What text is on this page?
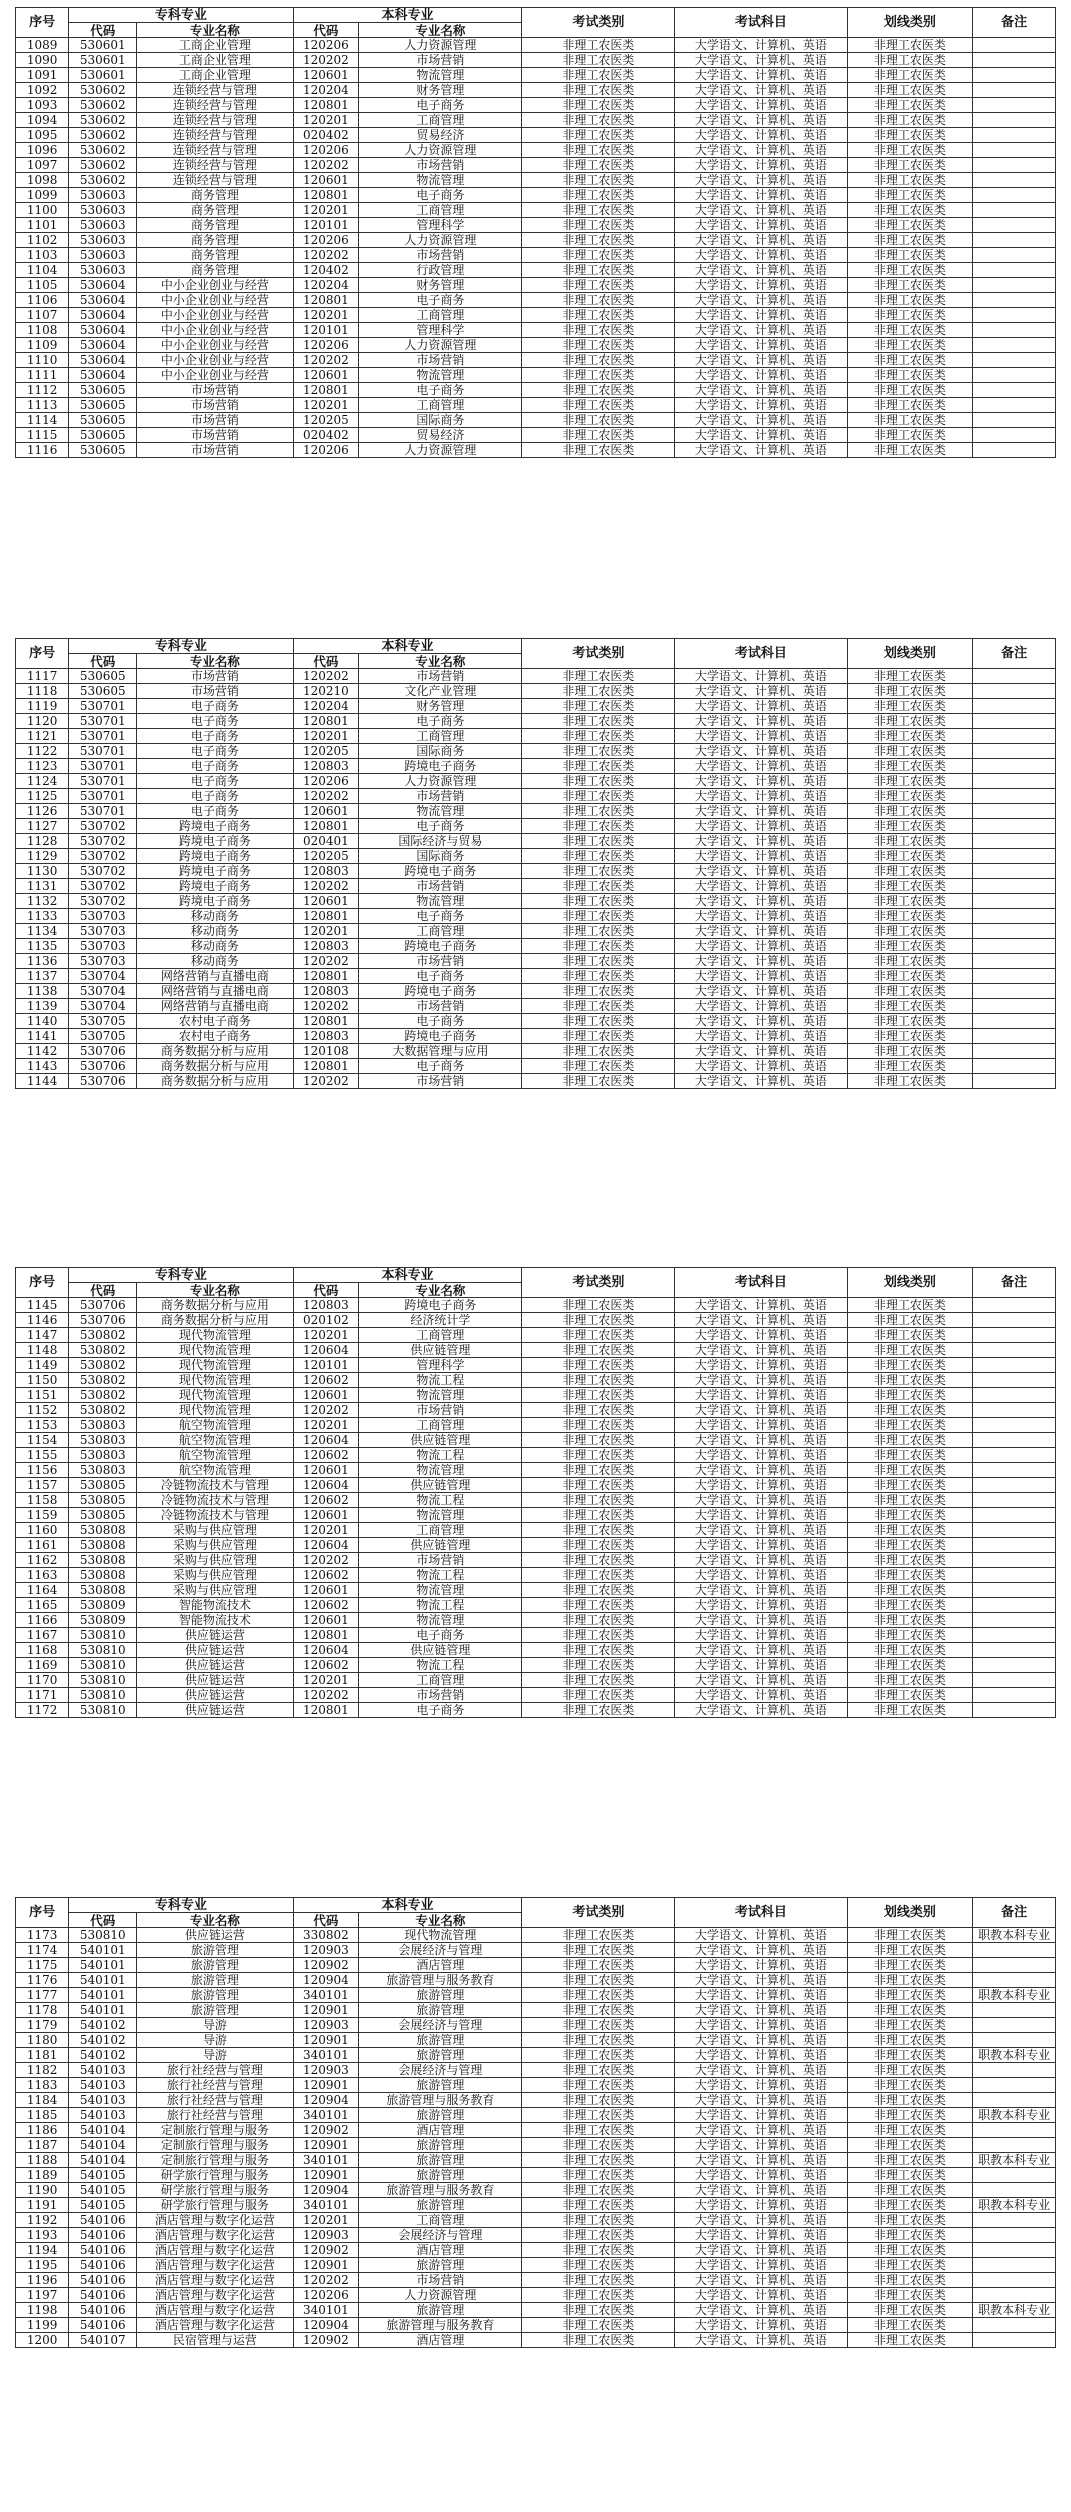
序号	专科专业		本科专业		考试类别	考试科目	划线类别	备注
	代码	专业名称	代码	专业名称				
1089	530601	工商企业管理	120206	人力资源管理	非理工农医类	大学语文、计算机、英语	非理工农医类	
1090	530601	工商企业管理	120202	市场营销	非理工农医类	大学语文、计算机、英语	非理工农医类	
1091	530601	工商企业管理	120601	物流管理	非理工农医类	大学语文、计算机、英语	非理工农医类	
1092	530602	连锁经营与管理	120204	财务管理	非理工农医类	大学语文、计算机、英语	非理工农医类	
1093	530602	连锁经营与管理	120801	电子商务	非理工农医类	大学语文、计算机、英语	非理工农医类	
1094	530602	连锁经营与管理	120201	工商管理	非理工农医类	大学语文、计算机、英语	非理工农医类	
1095	530602	连锁经营与管理	020402	贸易经济	非理工农医类	大学语文、计算机、英语	非理工农医类	
1096	530602	连锁经营与管理	120206	人力资源管理	非理工农医类	大学语文、计算机、英语	非理工农医类	
1097	530602	连锁经营与管理	120202	市场营销	非理工农医类	大学语文、计算机、英语	非理工农医类	
1098	530602	连锁经营与管理	120601	物流管理	非理工农医类	大学语文、计算机、英语	非理工农医类	
1099	530603	商务管理	120801	电子商务	非理工农医类	大学语文、计算机、英语	非理工农医类	
1100	530603	商务管理	120201	工商管理	非理工农医类	大学语文、计算机、英语	非理工农医类	
1101	530603	商务管理	120101	管理科学	非理工农医类	大学语文、计算机、英语	非理工农医类	
1102	530603	商务管理	120206	人力资源管理	非理工农医类	大学语文、计算机、英语	非理工农医类	
1103	530603	商务管理	120202	市场营销	非理工农医类	大学语文、计算机、英语	非理工农医类	
1104	530603	商务管理	120402	行政管理	非理工农医类	大学语文、计算机、英语	非理工农医类	
1105	530604	中小企业创业与经营	120204	财务管理	非理工农医类	大学语文、计算机、英语	非理工农医类	
1106	530604	中小企业创业与经营	120801	电子商务	非理工农医类	大学语文、计算机、英语	非理工农医类	
1107	530604	中小企业创业与经营	120201	工商管理	非理工农医类	大学语文、计算机、英语	非理工农医类	
1108	530604	中小企业创业与经营	120101	管理科学	非理工农医类	大学语文、计算机、英语	非理工农医类	
1109	530604	中小企业创业与经营	120206	人力资源管理	非理工农医类	大学语文、计算机、英语	非理工农医类	
1110	530604	中小企业创业与经营	120202	市场营销	非理工农医类	大学语文、计算机、英语	非理工农医类	
1111	530604	中小企业创业与经营	120601	物流管理	非理工农医类	大学语文、计算机、英语	非理工农医类	
1112	530605	市场营销	120801	电子商务	非理工农医类	大学语文、计算机、英语	非理工农医类	
1113	530605	市场营销	120201	工商管理	非理工农医类	大学语文、计算机、英语	非理工农医类	
1114	530605	市场营销	120205	国际商务	非理工农医类	大学语文、计算机、英语	非理工农医类	
1115	530605	市场营销	020402	贸易经济	非理工农医类	大学语文、计算机、英语	非理工农医类	
1116	530605	市场营销	120206	人力资源管理	非理工农医类	大学语文、计算机、英语	非理工农医类	
序号	专科专业		本科专业		考试类别	考试科目	划线类别	备注
	代码	专业名称	代码	专业名称				
1117	530605	市场营销	120202	市场营销	非理工农医类	大学语文、计算机、英语	非理工农医类	
1118	530605	市场营销	120210	文化产业管理	非理工农医类	大学语文、计算机、英语	非理工农医类	
1119	530701	电子商务	120204	财务管理	非理工农医类	大学语文、计算机、英语	非理工农医类	
1120	530701	电子商务	120801	电子商务	非理工农医类	大学语文、计算机、英语	非理工农医类	
1121	530701	电子商务	120201	工商管理	非理工农医类	大学语文、计算机、英语	非理工农医类	
1122	530701	电子商务	120205	国际商务	非理工农医类	大学语文、计算机、英语	非理工农医类	
1123	530701	电子商务	120803	跨境电子商务	非理工农医类	大学语文、计算机、英语	非理工农医类	
1124	530701	电子商务	120206	人力资源管理	非理工农医类	大学语文、计算机、英语	非理工农医类	
1125	530701	电子商务	120202	市场营销	非理工农医类	大学语文、计算机、英语	非理工农医类	
1126	530701	电子商务	120601	物流管理	非理工农医类	大学语文、计算机、英语	非理工农医类	
1127	530702	跨境电子商务	120801	电子商务	非理工农医类	大学语文、计算机、英语	非理工农医类	
1128	530702	跨境电子商务	020401	国际经济与贸易	非理工农医类	大学语文、计算机、英语	非理工农医类	
1129	530702	跨境电子商务	120205	国际商务	非理工农医类	大学语文、计算机、英语	非理工农医类	
1130	530702	跨境电子商务	120803	跨境电子商务	非理工农医类	大学语文、计算机、英语	非理工农医类	
1131	530702	跨境电子商务	120202	市场营销	非理工农医类	大学语文、计算机、英语	非理工农医类	
1132	530702	跨境电子商务	120601	物流管理	非理工农医类	大学语文、计算机、英语	非理工农医类	
1133	530703	移动商务	120801	电子商务	非理工农医类	大学语文、计算机、英语	非理工农医类	
1134	530703	移动商务	120201	工商管理	非理工农医类	大学语文、计算机、英语	非理工农医类	
1135	530703	移动商务	120803	跨境电子商务	非理工农医类	大学语文、计算机、英语	非理工农医类	
1136	530703	移动商务	120202	市场营销	非理工农医类	大学语文、计算机、英语	非理工农医类	
1137	530704	网络营销与直播电商	120801	电子商务	非理工农医类	大学语文、计算机、英语	非理工农医类	
1138	530704	网络营销与直播电商	120803	跨境电子商务	非理工农医类	大学语文、计算机、英语	非理工农医类	
1139	530704	网络营销与直播电商	120202	市场营销	非理工农医类	大学语文、计算机、英语	非理工农医类	
1140	530705	农村电子商务	120801	电子商务	非理工农医类	大学语文、计算机、英语	非理工农医类	
1141	530705	农村电子商务	120803	跨境电子商务	非理工农医类	大学语文、计算机、英语	非理工农医类	
1142	530706	商务数据分析与应用	120108	大数据管理与应用	非理工农医类	大学语文、计算机、英语	非理工农医类	
1143	530706	商务数据分析与应用	120801	电子商务	非理工农医类	大学语文、计算机、英语	非理工农医类	
1144	530706	商务数据分析与应用	120202	市场营销	非理工农医类	大学语文、计算机、英语	非理工农医类	
序号	专科专业		本科专业		考试类别	考试科目	划线类别	备注
	代码	专业名称	代码	专业名称				
1145	530706	商务数据分析与应用	120803	跨境电子商务	非理工农医类	大学语文、计算机、英语	非理工农医类	
1146	530706	商务数据分析与应用	020102	经济统计学	非理工农医类	大学语文、计算机、英语	非理工农医类	
1147	530802	现代物流管理	120201	工商管理	非理工农医类	大学语文、计算机、英语	非理工农医类	
1148	530802	现代物流管理	120604	供应链管理	非理工农医类	大学语文、计算机、英语	非理工农医类	
1149	530802	现代物流管理	120101	管理科学	非理工农医类	大学语文、计算机、英语	非理工农医类	
1150	530802	现代物流管理	120602	物流工程	非理工农医类	大学语文、计算机、英语	非理工农医类	
1151	530802	现代物流管理	120601	物流管理	非理工农医类	大学语文、计算机、英语	非理工农医类	
1152	530802	现代物流管理	120202	市场营销	非理工农医类	大学语文、计算机、英语	非理工农医类	
1153	530803	航空物流管理	120201	工商管理	非理工农医类	大学语文、计算机、英语	非理工农医类	
1154	530803	航空物流管理	120604	供应链管理	非理工农医类	大学语文、计算机、英语	非理工农医类	
1155	530803	航空物流管理	120602	物流工程	非理工农医类	大学语文、计算机、英语	非理工农医类	
1156	530803	航空物流管理	120601	物流管理	非理工农医类	大学语文、计算机、英语	非理工农医类	
1157	530805	冷链物流技术与管理	120604	供应链管理	非理工农医类	大学语文、计算机、英语	非理工农医类	
1158	530805	冷链物流技术与管理	120602	物流工程	非理工农医类	大学语文、计算机、英语	非理工农医类	
1159	530805	冷链物流技术与管理	120601	物流管理	非理工农医类	大学语文、计算机、英语	非理工农医类	
1160	530808	采购与供应管理	120201	工商管理	非理工农医类	大学语文、计算机、英语	非理工农医类	
1161	530808	采购与供应管理	120604	供应链管理	非理工农医类	大学语文、计算机、英语	非理工农医类	
1162	530808	采购与供应管理	120202	市场营销	非理工农医类	大学语文、计算机、英语	非理工农医类	
1163	530808	采购与供应管理	120602	物流工程	非理工农医类	大学语文、计算机、英语	非理工农医类	
1164	530808	采购与供应管理	120601	物流管理	非理工农医类	大学语文、计算机、英语	非理工农医类	
1165	530809	智能物流技术	120602	物流工程	非理工农医类	大学语文、计算机、英语	非理工农医类	
1166	530809	智能物流技术	120601	物流管理	非理工农医类	大学语文、计算机、英语	非理工农医类	
1167	530810	供应链运营	120801	电子商务	非理工农医类	大学语文、计算机、英语	非理工农医类	
1168	530810	供应链运营	120604	供应链管理	非理工农医类	大学语文、计算机、英语	非理工农医类	
1169	530810	供应链运营	120602	物流工程	非理工农医类	大学语文、计算机、英语	非理工农医类	
1170	530810	供应链运营	120201	工商管理	非理工农医类	大学语文、计算机、英语	非理工农医类	
1171	530810	供应链运营	120202	市场营销	非理工农医类	大学语文、计算机、英语	非理工农医类	
1172	530810	供应链运营	120801	电子商务	非理工农医类	大学语文、计算机、英语	非理工农医类	
序号	专科专业		本科专业		考试类别	考试科目	划线类别	备注
	代码	专业名称	代码	专业名称				
1173	530810	供应链运营	330802	现代物流管理	非理工农医类	大学语文、计算机、英语	非理工农医类	职教本科专业
1174	540101	旅游管理	120903	会展经济与管理	非理工农医类	大学语文、计算机、英语	非理工农医类	
1175	540101	旅游管理	120902	酒店管理	非理工农医类	大学语文、计算机、英语	非理工农医类	
1176	540101	旅游管理	120904	旅游管理与服务教育	非理工农医类	大学语文、计算机、英语	非理工农医类	
1177	540101	旅游管理	340101	旅游管理	非理工农医类	大学语文、计算机、英语	非理工农医类	职教本科专业
1178	540101	旅游管理	120901	旅游管理	非理工农医类	大学语文、计算机、英语	非理工农医类	
1179	540102	导游	120903	会展经济与管理	非理工农医类	大学语文、计算机、英语	非理工农医类	
1180	540102	导游	120901	旅游管理	非理工农医类	大学语文、计算机、英语	非理工农医类	
1181	540102	导游	340101	旅游管理	非理工农医类	大学语文、计算机、英语	非理工农医类	职教本科专业
1182	540103	旅行社经营与管理	120903	会展经济与管理	非理工农医类	大学语文、计算机、英语	非理工农医类	
1183	540103	旅行社经营与管理	120901	旅游管理	非理工农医类	大学语文、计算机、英语	非理工农医类	
1184	540103	旅行社经营与管理	120904	旅游管理与服务教育	非理工农医类	大学语文、计算机、英语	非理工农医类	
1185	540103	旅行社经营与管理	340101	旅游管理	非理工农医类	大学语文、计算机、英语	非理工农医类	职教本科专业
1186	540104	定制旅行管理与服务	120902	酒店管理	非理工农医类	大学语文、计算机、英语	非理工农医类	
1187	540104	定制旅行管理与服务	120901	旅游管理	非理工农医类	大学语文、计算机、英语	非理工农医类	
1188	540104	定制旅行管理与服务	340101	旅游管理	非理工农医类	大学语文、计算机、英语	非理工农医类	职教本科专业
1189	540105	研学旅行管理与服务	120901	旅游管理	非理工农医类	大学语文、计算机、英语	非理工农医类	
1190	540105	研学旅行管理与服务	120904	旅游管理与服务教育	非理工农医类	大学语文、计算机、英语	非理工农医类	
1191	540105	研学旅行管理与服务	340101	旅游管理	非理工农医类	大学语文、计算机、英语	非理工农医类	职教本科专业
1192	540106	酒店管理与数字化运营	120201	工商管理	非理工农医类	大学语文、计算机、英语	非理工农医类	
1193	540106	酒店管理与数字化运营	120903	会展经济与管理	非理工农医类	大学语文、计算机、英语	非理工农医类	
1194	540106	酒店管理与数字化运营	120902	酒店管理	非理工农医类	大学语文、计算机、英语	非理工农医类	
1195	540106	酒店管理与数字化运营	120901	旅游管理	非理工农医类	大学语文、计算机、英语	非理工农医类	
1196	540106	酒店管理与数字化运营	120202	市场营销	非理工农医类	大学语文、计算机、英语	非理工农医类	
1197	540106	酒店管理与数字化运营	120206	人力资源管理	非理工农医类	大学语文、计算机、英语	非理工农医类	
1198	540106	酒店管理与数字化运营	340101	旅游管理	非理工农医类	大学语文、计算机、英语	非理工农医类	职教本科专业
1199	540106	酒店管理与数字化运营	120904	旅游管理与服务教育	非理工农医类	大学语文、计算机、英语	非理工农医类	
1200	540107	民宿管理与运营	120902	酒店管理	非理工农医类	大学语文、计算机、英语	非理工农医类	
